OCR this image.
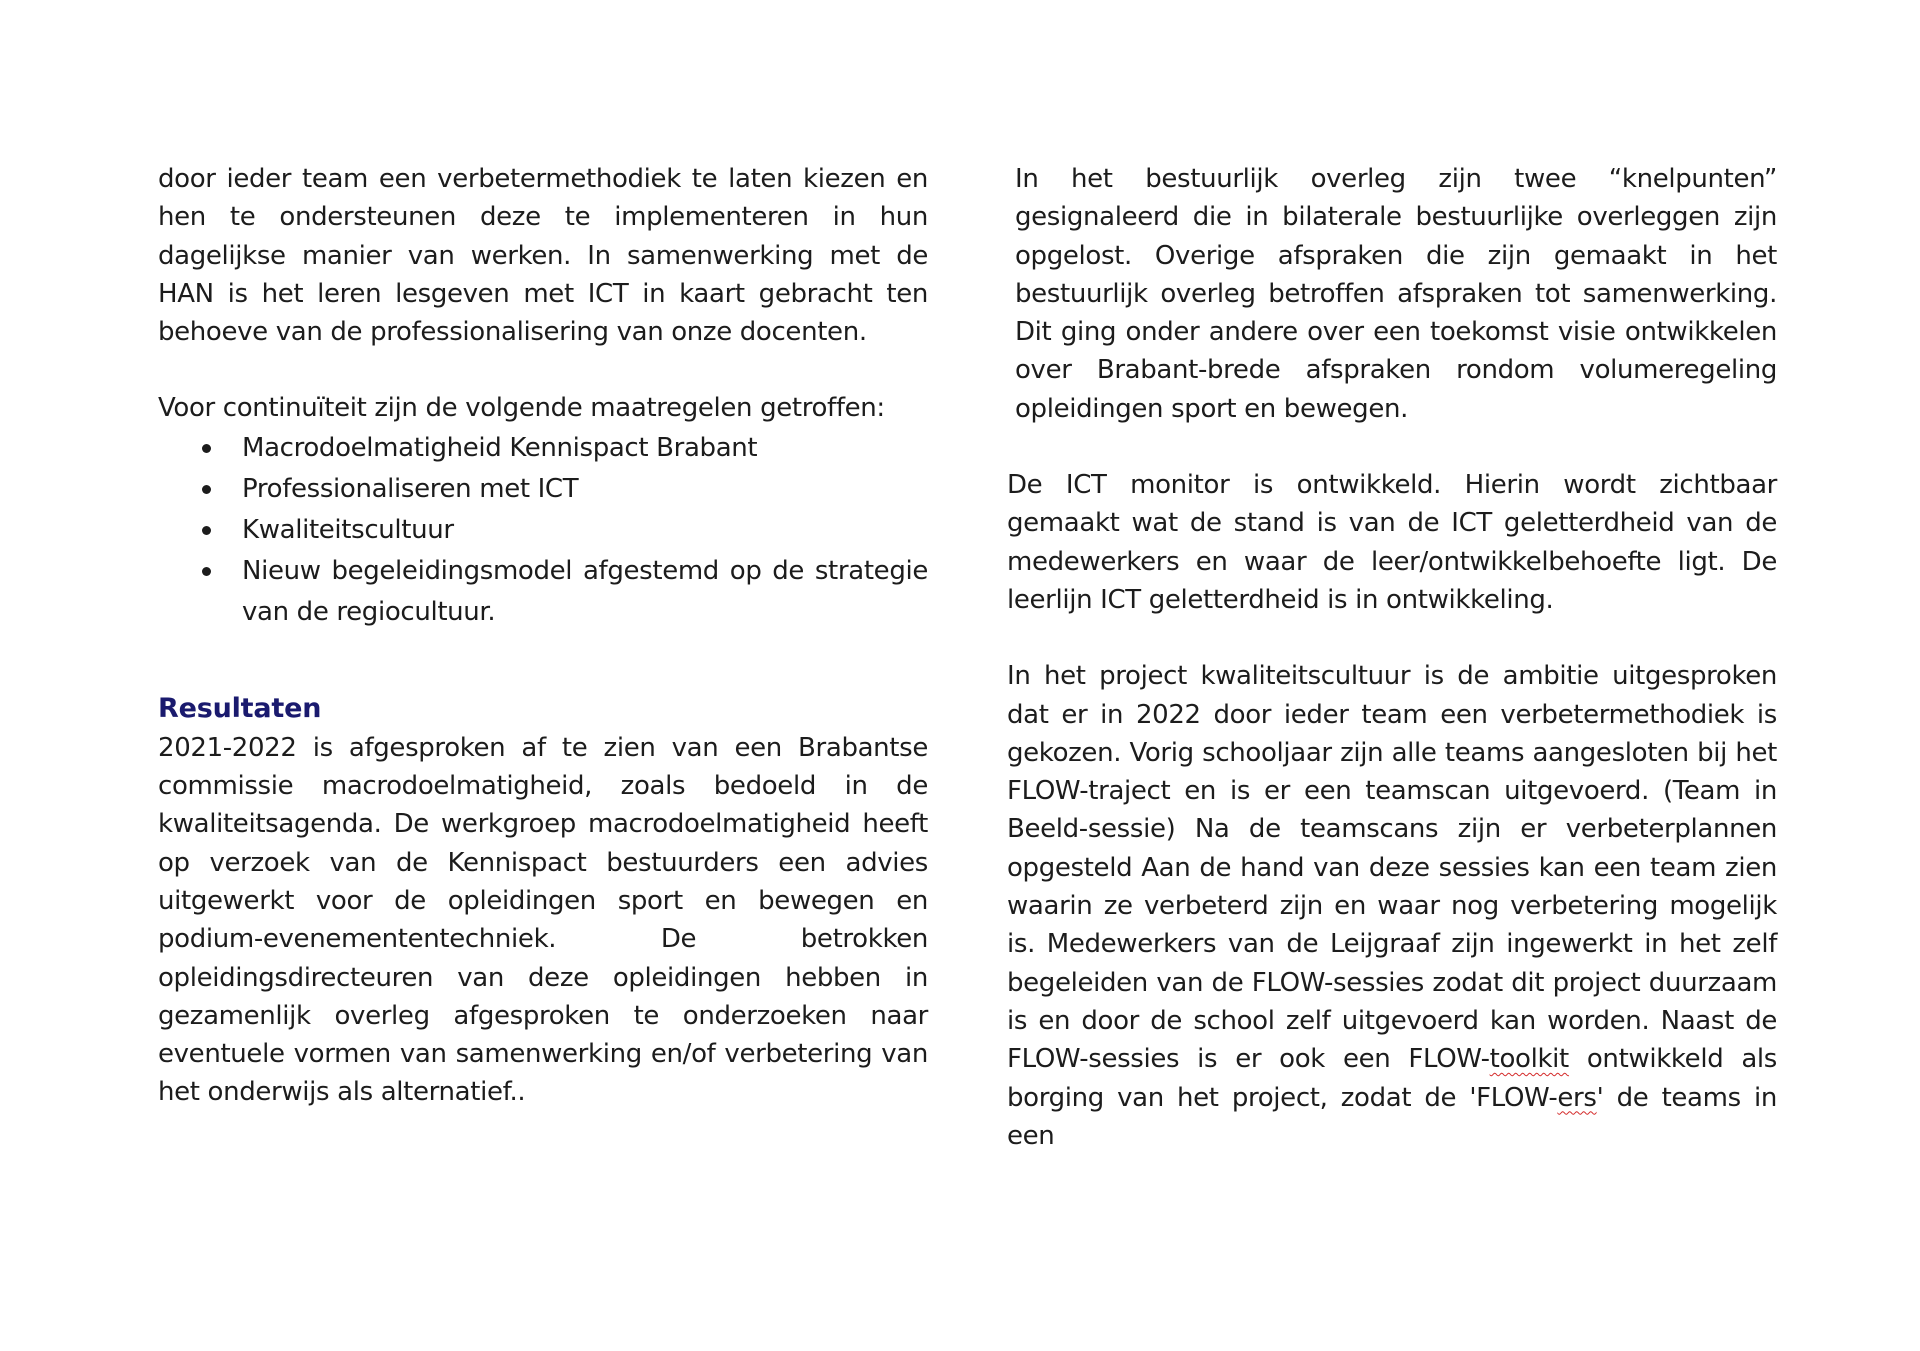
door ieder team een verbetermethodiek te laten kiezen en hen te ondersteunen deze te implementeren in hun dagelijkse manier van werken. In samenwerking met de HAN is het leren lesgeven met ICT in kaart gebracht ten behoeve van de professionalisering van onze docenten.

Voor continuïteit zijn de volgende maatregelen getroffen:

Macrodoelmatigheid Kennispact Brabant
Professionaliseren met ICT
Kwaliteitscultuur
Nieuw begeleidingsmodel afgestemd op de strategie van de regiocultuur.
Resultaten

2021-2022 is afgesproken af te zien van een Brabantse commissie macrodoelmatigheid, zoals bedoeld in de kwaliteitsagenda. De werkgroep macrodoelmatigheid heeft op verzoek van de Kennispact bestuurders een advies uitgewerkt voor de opleidingen sport en bewegen en podium-evenemententechniek. De betrokken opleidingsdirecteuren van deze opleidingen hebben in gezamenlijk overleg afgesproken te onderzoeken naar eventuele vormen van samenwerking en/of verbetering van het onderwijs als alternatief..

In het bestuurlijk overleg zijn twee “knelpunten” gesignaleerd die in bilaterale bestuurlijke overleggen zijn opgelost. Overige afspraken die zijn gemaakt in het bestuurlijk overleg betroffen afspraken tot samenwerking. Dit ging onder andere over een toekomst visie ontwikkelen over Brabant-brede afspraken rondom volumeregeling opleidingen sport en bewegen.

De ICT monitor is ontwikkeld. Hierin wordt zichtbaar gemaakt wat de stand is van de ICT geletterdheid van de medewerkers en waar de leer/ontwikkelbehoefte ligt. De leerlijn ICT geletterdheid is in ontwikkeling.

In het project kwaliteitscultuur is de ambitie uitgesproken dat er in 2022 door ieder team een verbetermethodiek is gekozen. Vorig schooljaar zijn alle teams aangesloten bij het FLOW-traject en is er een teamscan uitgevoerd. (Team in Beeld-sessie) Na de teamscans zijn er verbeterplannen opgesteld Aan de hand van deze sessies kan een team zien waarin ze verbeterd zijn en waar nog verbetering mogelijk is. Medewerkers van de Leijgraaf zijn ingewerkt in het zelf begeleiden van de FLOW-sessies zodat dit project duurzaam is en door de school zelf uitgevoerd kan worden. Naast de FLOW-sessies is er ook een FLOW-toolkit ontwikkeld als borging van het project, zodat de 'FLOW-ers' de teams in een
